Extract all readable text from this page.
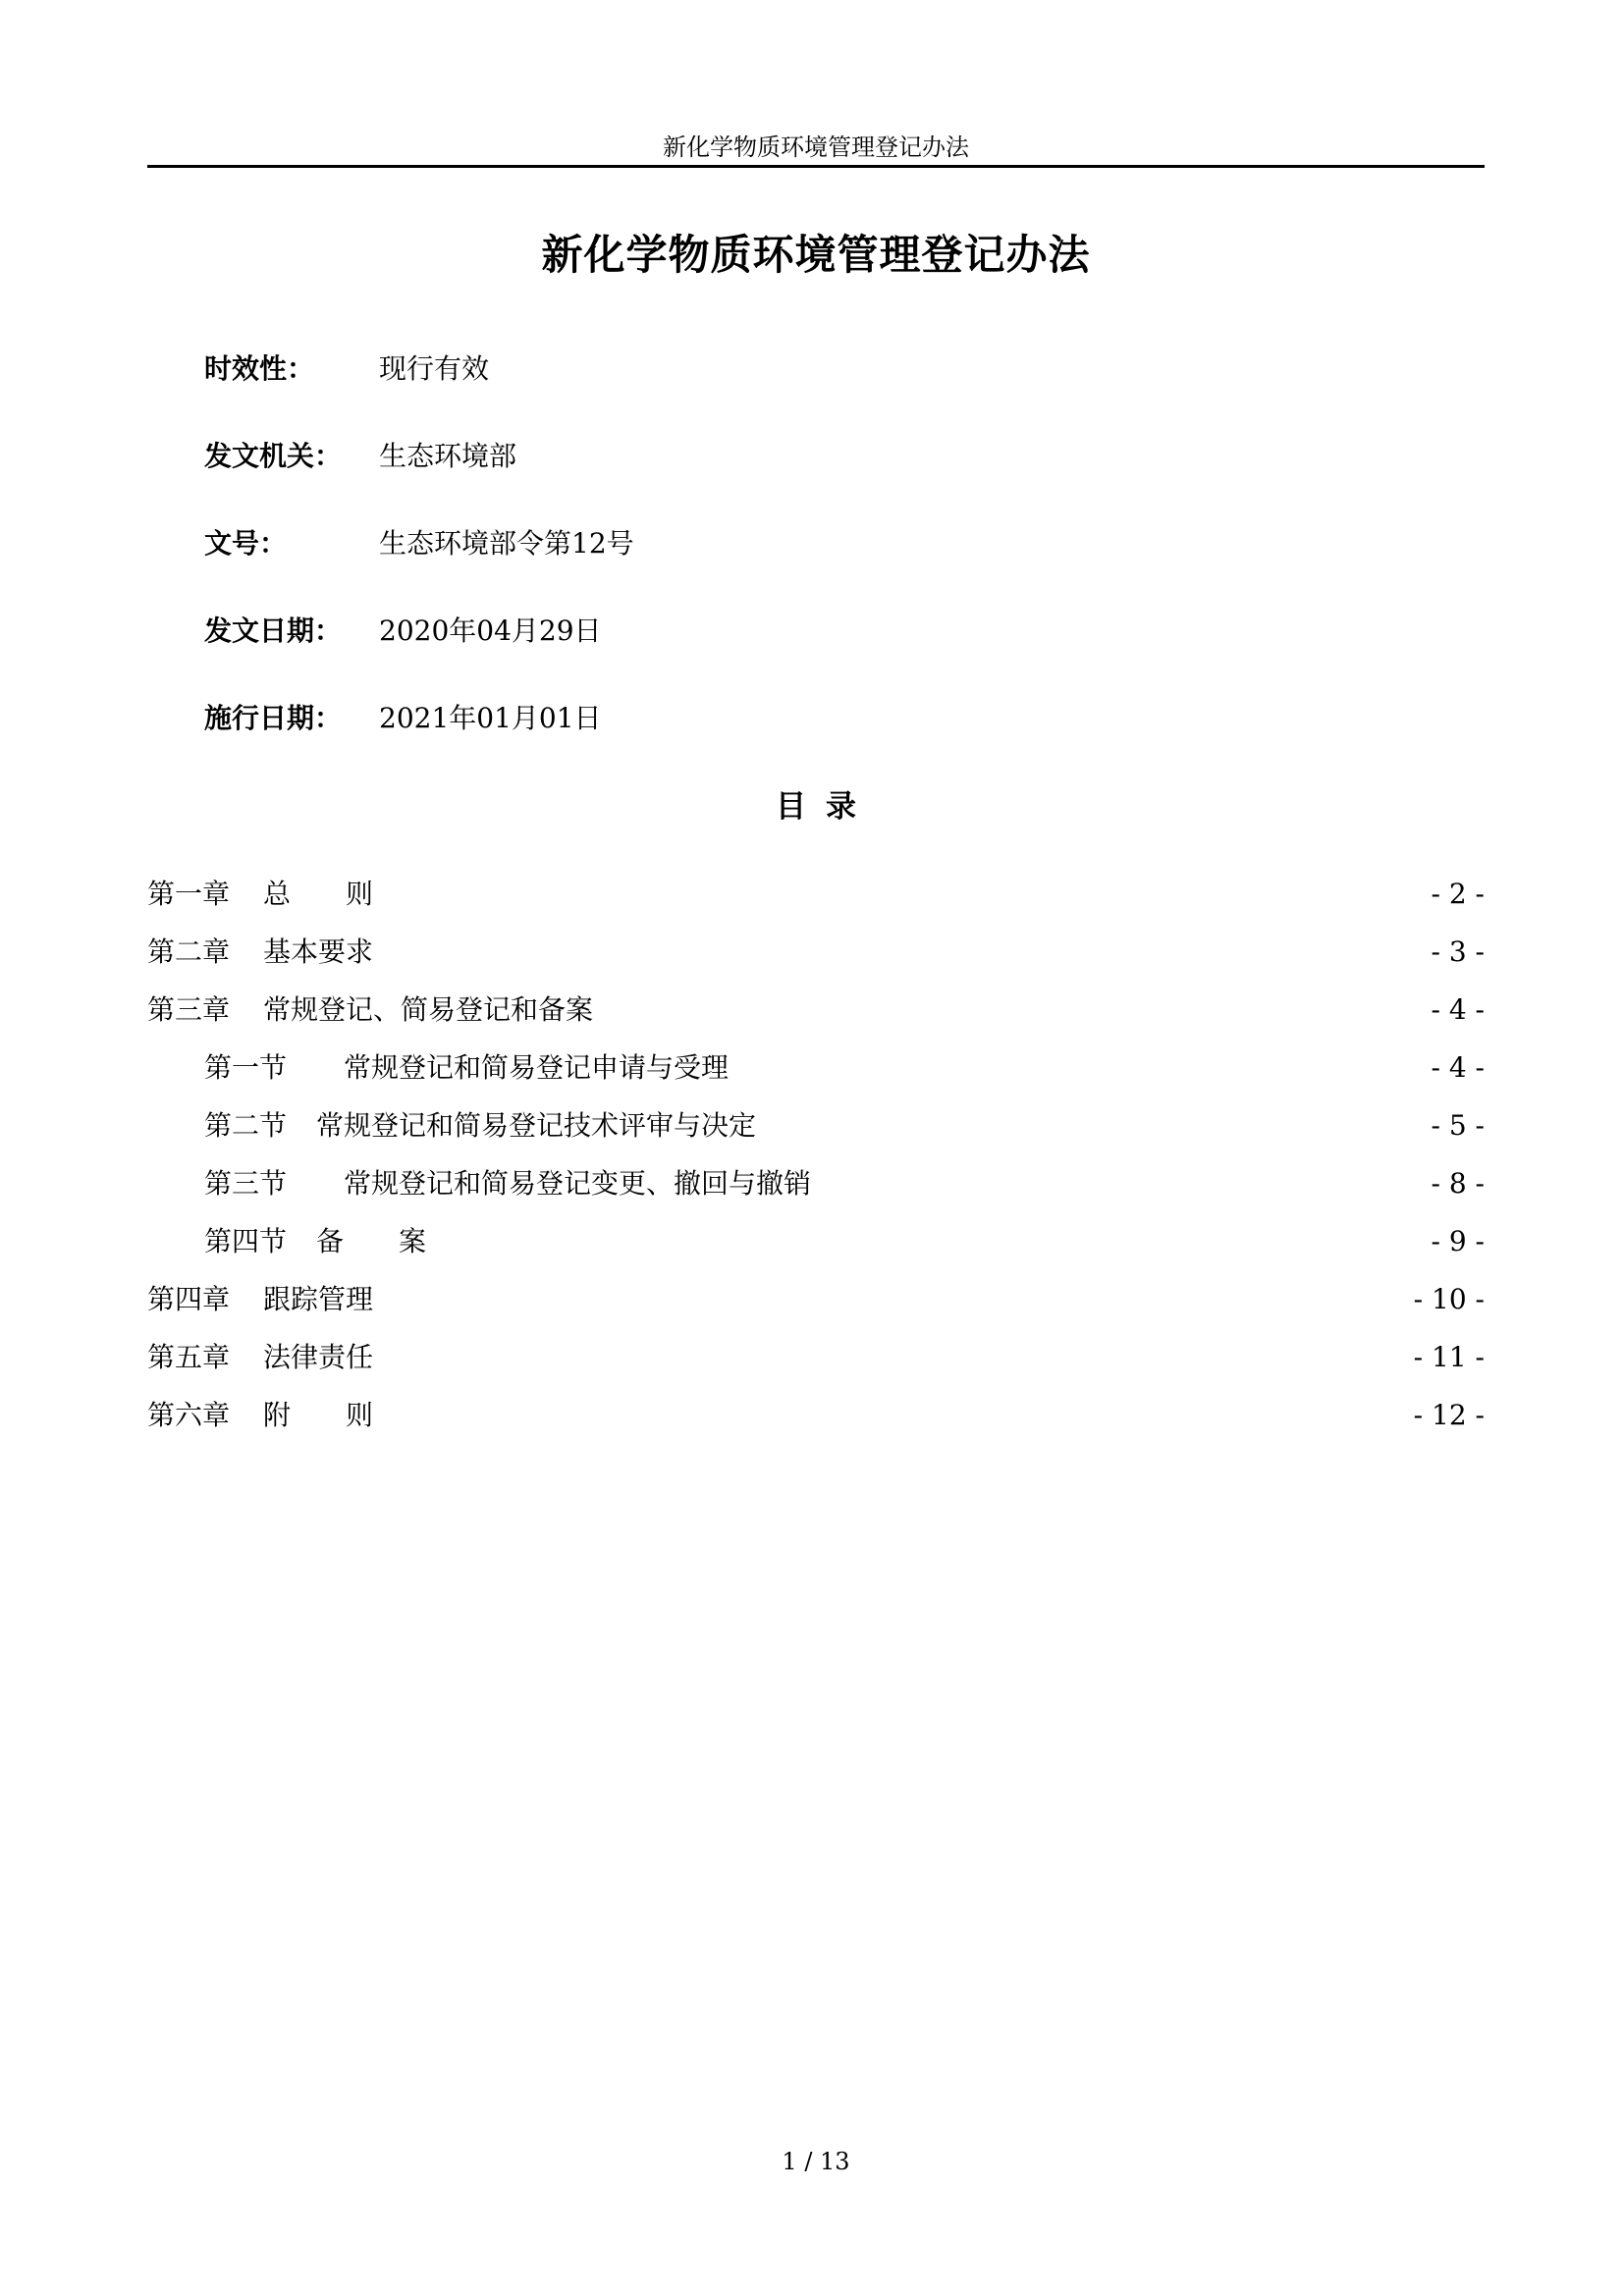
新化学物质环境管理登记办法
新化学物质环境管理登记办法
时效性： 现行有效
发文机关： 生态环境部
文号：	生态环境部令第12号
发文日期： 2020年04月29日
施行日期： 2021年01月01日
目录
第一章 总　　则	- 2 -
第二章 基本要求	- 3 -
第三章 常规登记、简易登记和备案	- 4 -
第一节 常规登记和简易登记申请与受理	- 4 -
第二节 常规登记和简易登记技术评审与决定	- 5 -
第三节 常规登记和简易登记变更、撤回与撤销	- 8 -
第四节 备　　案	- 9 -
第四章 跟踪管理	- 10 -
第五章 法律责任	- 11 -
第六章 附　　则	- 12 -
1 / 13
